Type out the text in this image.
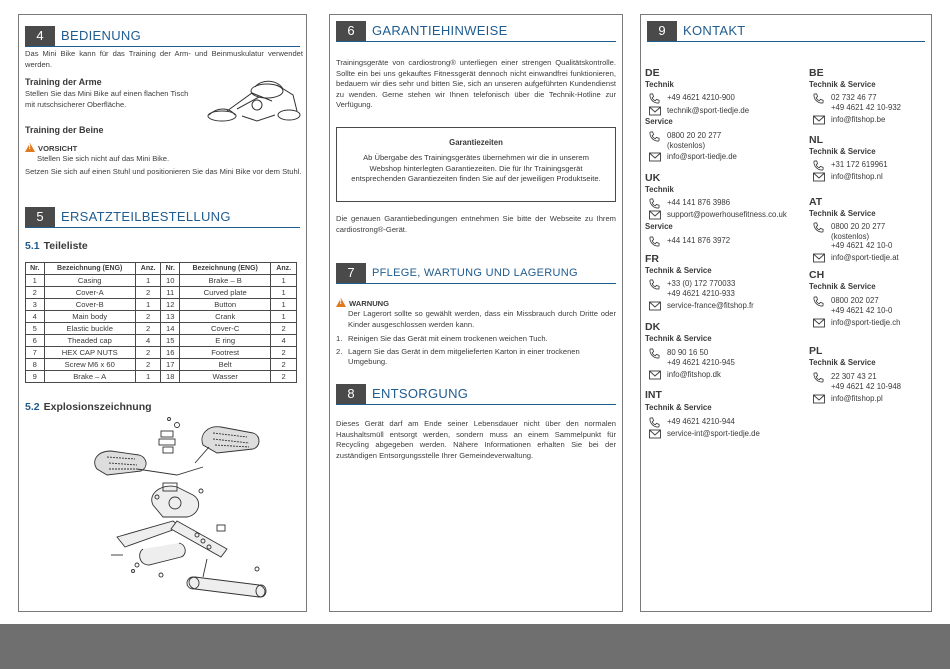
4	BEDIENUNG
Das Mini Bike kann für das Training der Arm- und Beinmuskulatur verwendet werden.
Training der Arme
Stellen Sie das Mini Bike auf einen flachen Tisch mit rutschsicherer Oberfläche.
Training der Beine
!VORSICHT
Stellen Sie sich nicht auf das Mini Bike.
Setzen Sie sich auf einen Stuhl und positionieren Sie das Mini Bike vor dem Stuhl.
5	ERSATZTEILBESTELLUNG
5.1 Teileliste
Nr.	Bezeichnung (ENG)	Anz.	Nr.	Bezeichnung (ENG)	Anz.
1	Casing	1	10	Brake – B	1
2	Cover-A	2	11	Curved plate	1
3	Cover-B	1	12	Button	1
4	Main body	2	13	Crank	1
5	Elastic buckle	2	14	Cover-C	2
6	Theaded cap	4	15	E ring	4
7	HEX CAP NUTS	2	16	Footrest	2
8	Screw M6 x 60	2	17	Belt	2
9	Brake – A	1	18	Wasser	2
5.2 Explosionszeichnung
6	GARANTIEHINWEISE
Trainingsgeräte von cardiostrong® unterliegen einer strengen Qualitätskontrolle. Sollte ein bei uns gekauftes Fitnessgerät dennoch nicht einwandfrei funktionieren, bedauern wir dies sehr und bitten Sie, sich an unseren aufgeführten Kundendienst zu wenden. Gerne stehen wir Ihnen telefonisch über die Technik-Hotline zur Verfügung.
Garantiezeiten
Ab Übergabe des Trainingsgerätes übernehmen wir die in unserem Webshop hinterlegten Garantiezeiten. Die für Ihr Trainingsgerät entsprechenden Garantiezeiten finden Sie auf der jeweiligen Produktseite.
Die genauen Garantiebedingungen entnehmen Sie bitte der Webseite zu Ihrem cardiostrong®-Gerät.
7	PFLEGE, WARTUNG UND LAGERUNG
!WARNUNG
Der Lagerort sollte so gewählt werden, dass ein Missbrauch durch Dritte oder Kinder ausgeschlossen werden kann.
1. Reinigen Sie das Gerät mit einem trockenen weichen Tuch.
2. Lagern Sie das Gerät in dem mitgelieferten Karton in einer trockenen Umgebung.
8	ENTSORGUNG
Dieses Gerät darf am Ende seiner Lebensdauer nicht über den normalen Haushaltsmüll entsorgt werden, sondern muss an einem Sammelpunkt für Recycling abgegeben werden. Nähere Informationen erhalten Sie bei der zuständigen Entsorgungsstelle Ihrer Gemeindeverwaltung.
9	KONTAKT
DE
Technik
+49 4621 4210-900
technik@sport-tiedje.de
Service
0800 20 20 277
(kostenlos)
info@sport-tiedje.de
UK
Technik
+44 141 876 3986
support@powerhousefitness.co.uk
Service
+44 141 876 3972
FR
Technik & Service
+33 (0) 172 770033
+49 4621 4210-933
service-france@fitshop.fr
DK
Technik & Service
80 90 16 50
+49 4621 4210-945
info@fitshop.dk
INT
Technik & Service
+49 4621 4210-944
service-int@sport-tiedje.de
BE
Technik & Service
02 732 46 77
+49 4621 42 10-932
info@fitshop.be
NL
Technik & Service
+31 172 619961
info@fitshop.nl
AT
Technik & Service
0800 20 20 277
(kostenlos)
+49 4621 42 10-0
info@sport-tiedje.at
CH
Technik & Service
0800 202 027
+49 4621 42 10-0
info@sport-tiedje.ch
PL
Technik & Service
22 307 43 21
+49 4621 42 10-948
info@fitshop.pl
